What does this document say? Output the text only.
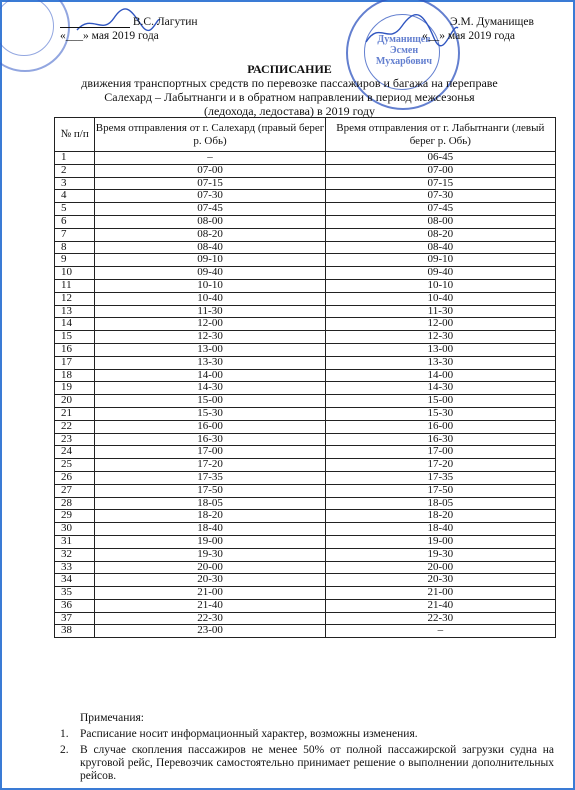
В.С. Лагутин
«___» мая 2019 года	Думанищев Эсмен Мухарбович
Э.М. Думанищев
«__» мая 2019 года
РАСПИСАНИЕ
движения транспортных средств по перевозке пассажиров и багажа на переправе
Салехард – Лабытнанги и в обратном направлении в период межсезонья
(ледохода, ледостава) в 2019 году
№ п/п	Время отправления от г. Салехард (правый берег р. Обь)	Время отправления от г. Лабытнанги (левый берег р. Обь)
1	–	06-45
2	07-00	07-00
3	07-15	07-15
4	07-30	07-30
5	07-45	07-45
6	08-00	08-00
7	08-20	08-20
8	08-40	08-40
9	09-10	09-10
10	09-40	09-40
11	10-10	10-10
12	10-40	10-40
13	11-30	11-30
14	12-00	12-00
15	12-30	12-30
16	13-00	13-00
17	13-30	13-30
18	14-00	14-00
19	14-30	14-30
20	15-00	15-00
21	15-30	15-30
22	16-00	16-00
23	16-30	16-30
24	17-00	17-00
25	17-20	17-20
26	17-35	17-35
27	17-50	17-50
28	18-05	18-05
29	18-20	18-20
30	18-40	18-40
31	19-00	19-00
32	19-30	19-30
33	20-00	20-00
34	20-30	20-30
35	21-00	21-00
36	21-40	21-40
37	22-30	22-30
38	23-00	–
Примечания:
1. Расписание носит информационный характер, возможны изменения.
2. В случае скопления пассажиров не менее 50% от полной пассажирской загрузки судна на круговой рейс, Перевозчик самостоятельно принимает решение о выполнении дополнительных рейсов.
